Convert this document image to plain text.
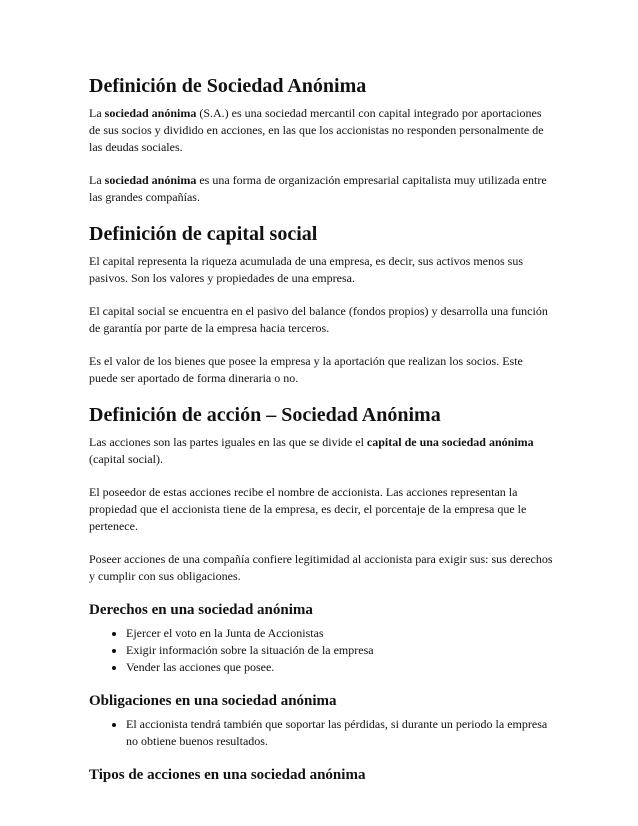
Definición de Sociedad Anónima

La sociedad anónima (S.A.) es una sociedad mercantil con capital integrado por aportaciones de sus socios y dividido en acciones, en las que los accionistas no responden personalmente de las deudas sociales.

La sociedad anónima es una forma de organización empresarial capitalista muy utilizada entre las grandes compañías.

Definición de capital social

El capital representa la riqueza acumulada de una empresa, es decir, sus activos menos sus pasivos. Son los valores y propiedades de una empresa.

El capital social se encuentra en el pasivo del balance (fondos propios) y desarrolla una función de garantía por parte de la empresa hacia terceros.

Es el valor de los bienes que posee la empresa y la aportación que realizan los socios. Este puede ser aportado de forma dineraria o no.

Definición de acción – Sociedad Anónima

Las acciones son las partes iguales en las que se divide el capital de una sociedad anónima (capital social).

El poseedor de estas acciones recibe el nombre de accionista. Las acciones representan la propiedad que el accionista tiene de la empresa, es decir, el porcentaje de la empresa que le pertenece.

Poseer acciones de una compañía confiere legitimidad al accionista para exigir sus: sus derechos y cumplir con sus obligaciones.

Derechos en una sociedad anónima
• Ejercer el voto en la Junta de Accionistas
• Exigir información sobre la situación de la empresa
• Vender las acciones que posee.
Obligaciones en una sociedad anónima
• El accionista tendrá también que soportar las pérdidas, si durante un periodo la empresa no obtiene buenos resultados.
Tipos de acciones en una sociedad anónima
